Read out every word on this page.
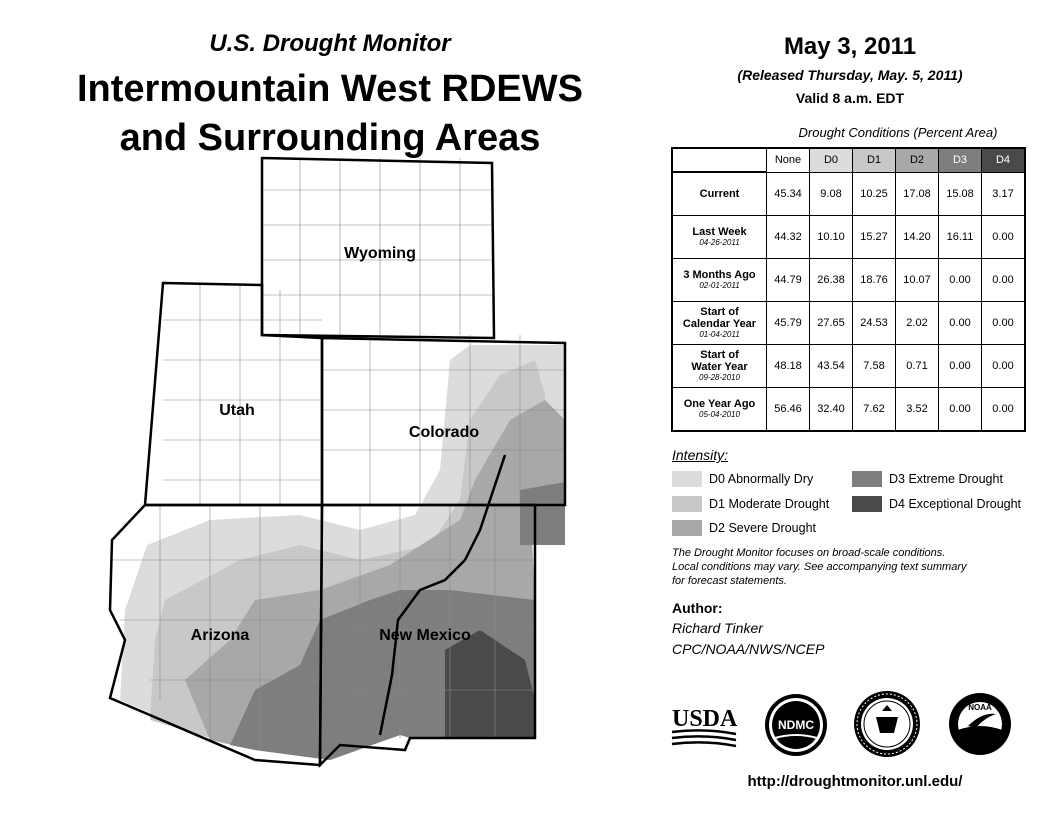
U.S. Drought Monitor
Intermountain West RDEWS
and Surrounding Areas
Wyoming
Utah
Colorado
Arizona	New Mexico
May 3, 2011
(Released Thursday, May. 5, 2011)
Valid 8 a.m. EDT
Drought Conditions (Percent Area)
	None	D0	D1	D2	D3	D4

Current	45.34	9.08	10.25	17.08	15.08	3.17

Last Week
04-26-2011	44.32	10.10	15.27	14.20	16.11	0.00

3 Months Ago
02-01-2011	44.79	26.38	18.76	10.07	0.00	0.00

Start of
Calendar Year
01-04-2011	45.79	27.65	24.53	2.02	0.00	0.00

Start of
Water Year
09-28-2010	48.18	43.54	7.58	0.71	0.00	0.00

One Year Ago
05-04-2010	56.46	32.40	7.62	3.52	0.00	0.00
Intensity:
D0 Abnormally Dry
D1 Moderate Drought
D2 Severe Drought
D3 Extreme Drought
D4 Exceptional Drought
The Drought Monitor focuses on broad-scale conditions.
Local conditions may vary. See accompanying text summary
for forecast statements.
Author:
Richard Tinker
CPC/NOAA/NWS/NCEP
USDA	NDMC
NOAA
http://droughtmonitor.unl.edu/
